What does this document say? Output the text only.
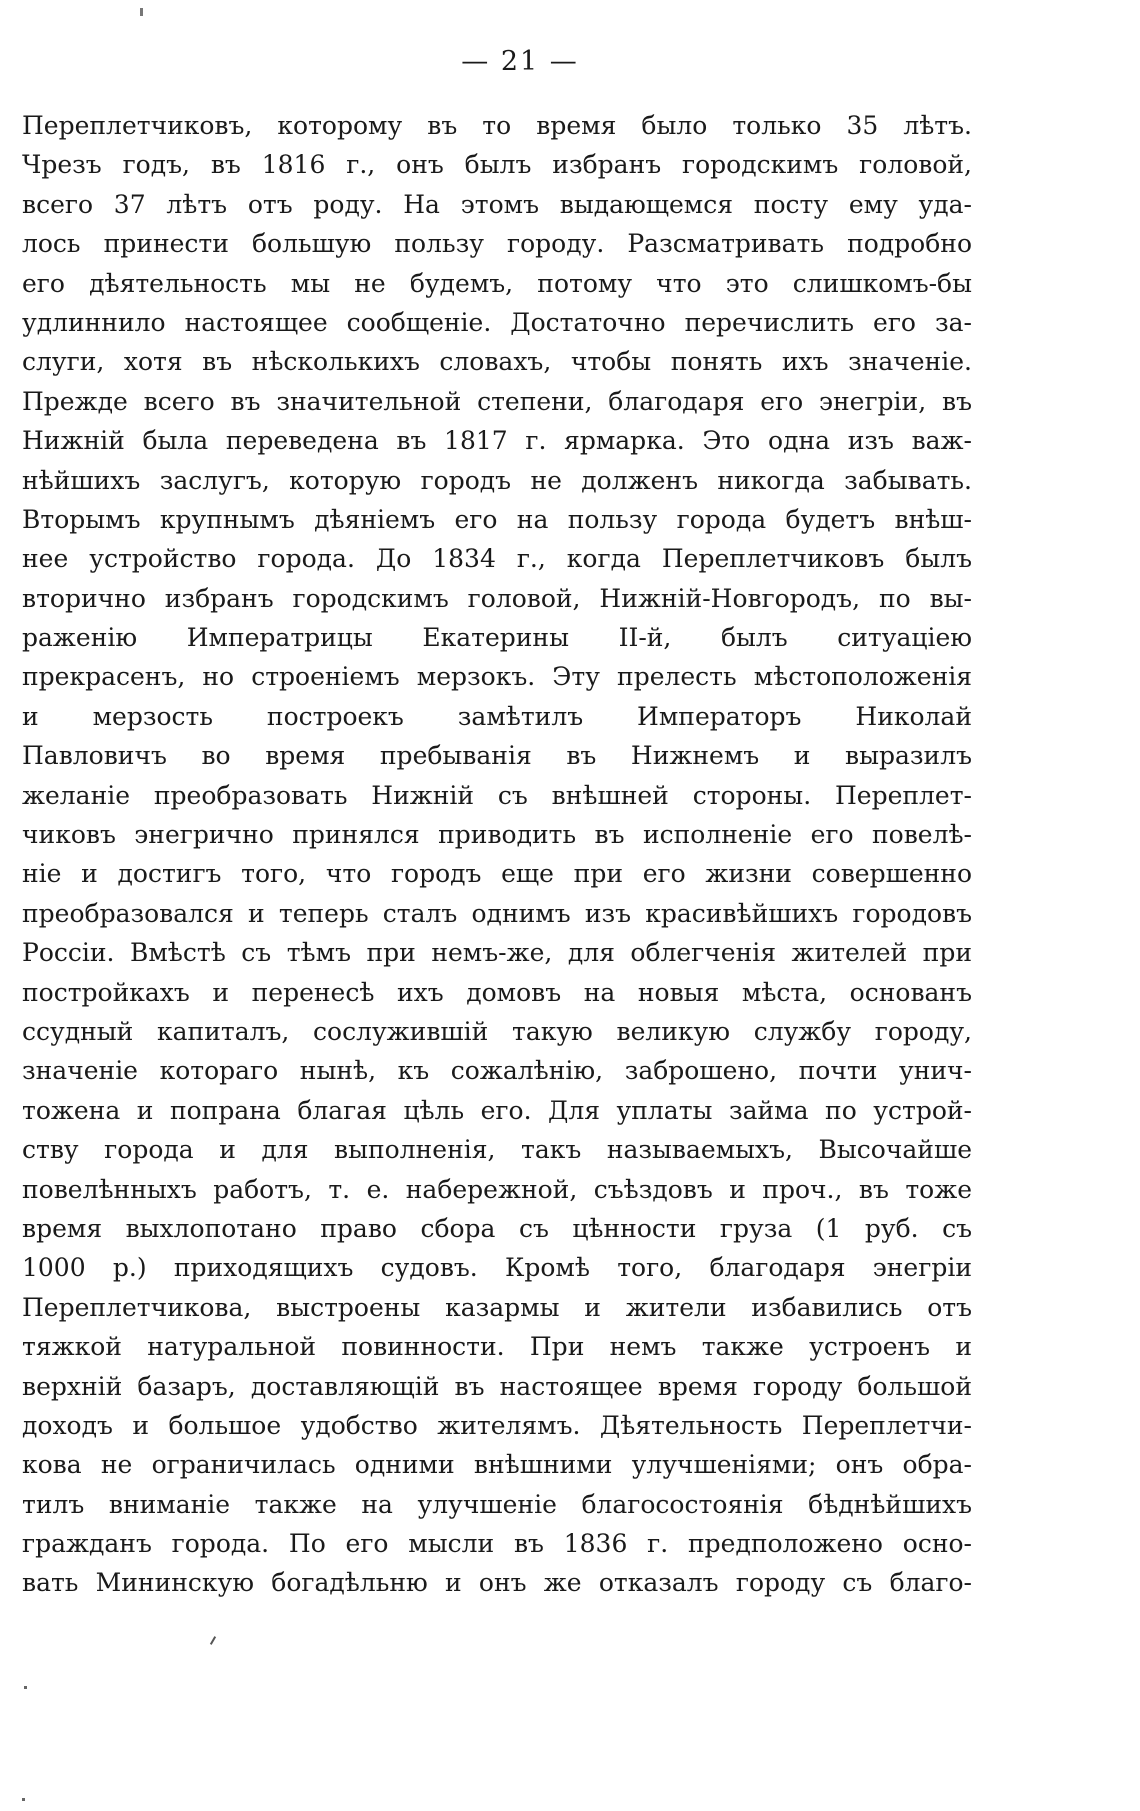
— 21 —
Переплетчиковъ, которому въ то время было только 35 лѣтъ.
Чрезъ годъ, въ 1816 г., онъ былъ избранъ городскимъ головой,
всего 37 лѣтъ отъ роду. На этомъ выдающемся посту ему уда-
лось принести большую пользу городу. Разсматривать подробно
его дѣятельность мы не будемъ, потому что это слишкомъ-бы
удлиннило настоящее сообщеніе. Достаточно перечислить его за-
слуги, хотя въ нѣсколькихъ словахъ, чтобы понять ихъ значеніе.
Прежде всего въ значительной степени, благодаря его энегріи, въ
Нижній была переведена въ 1817 г. ярмарка. Это одна изъ важ-
нѣйшихъ заслугъ, которую городъ не долженъ никогда забывать.
Вторымъ крупнымъ дѣяніемъ его на пользу города будетъ внѣш-
нее устройство города. До 1834 г., когда Переплетчиковъ былъ
вторично избранъ городскимъ головой, Нижній-Новгородъ, по вы-
раженію Императрицы Екатерины II-й, былъ ситуаціею
прекрасенъ, но строеніемъ мерзокъ. Эту прелесть мѣстоположенія
и мерзость построекъ замѣтилъ Императоръ Николай
Павловичъ во время пребыванія въ Нижнемъ и выразилъ
желаніе преобразовать Нижній съ внѣшней стороны. Переплет-
чиковъ энегрично принялся приводить въ исполненіе его повелѣ-
ніе и достигъ того, что городъ еще при его жизни совершенно
преобразовался и теперь сталъ однимъ изъ красивѣйшихъ городовъ
Россіи. Вмѣстѣ съ тѣмъ при немъ-же, для облегченія жителей при
постройкахъ и перенесѣ ихъ домовъ на новыя мѣста, основанъ
ссудный капиталъ, сослужившій такую великую службу городу,
значеніе котораго нынѣ, къ сожалѣнію, заброшено, почти унич-
тожена и попрана благая цѣль его. Для уплаты займа по устрой-
ству города и для выполненія, такъ называемыхъ, Высочайше
повелѣнныхъ работъ, т. е. набережной, съѣздовъ и проч., въ тоже
время выхлопотано право сбора съ цѣнности груза (1 руб. съ
1000 р.) приходящихъ судовъ. Кромѣ того, благодаря энегріи
Переплетчикова, выстроены казармы и жители избавились отъ
тяжкой натуральной повинности. При немъ также устроенъ и
верхній базаръ, доставляющій въ настоящее время городу большой
доходъ и большое удобство жителямъ. Дѣятельность Переплетчи-
кова не ограничилась одними внѣшними улучшеніями; онъ обра-
тилъ вниманіе также на улучшеніе благосостоянія бѣднѣйшихъ
гражданъ города. По его мысли въ 1836 г. предположено осно-
вать Мининскую богадѣльню и онъ же отказалъ городу съ благо-
